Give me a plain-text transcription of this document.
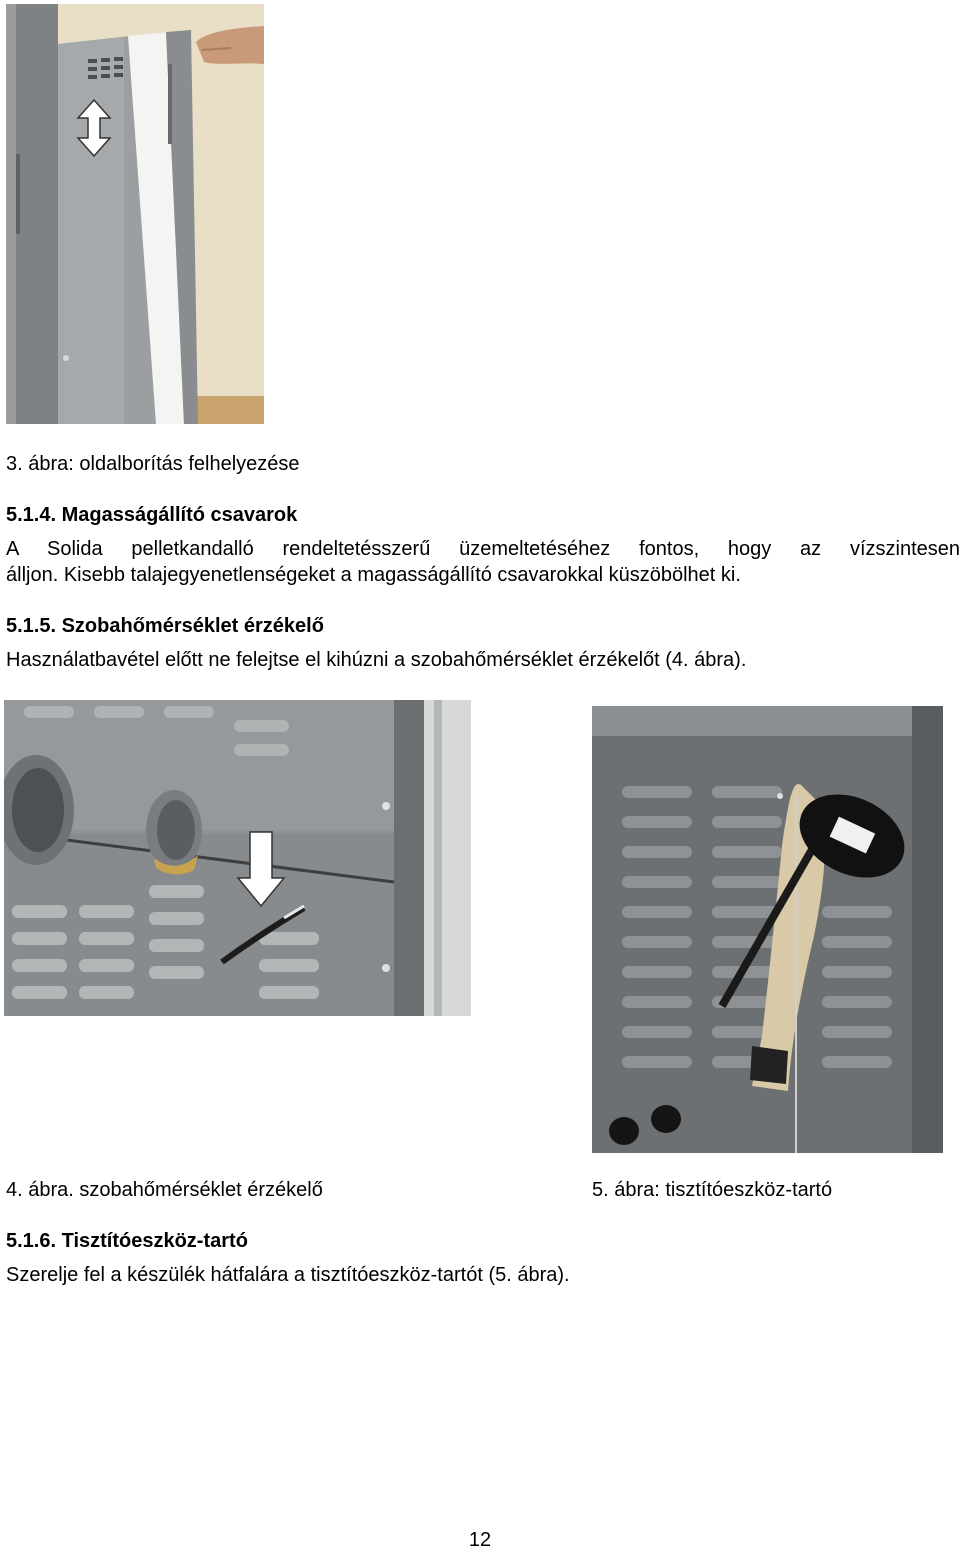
3. ábra: oldalborítás felhelyezése
5.1.4. Magasságállító csavarok
A Solida pelletkandalló rendeltetésszerű üzemeltetéséhez fontos, hogy az vízszintesen
álljon. Kisebb talajegyenetlenségeket a magasságállító csavarokkal küszöbölhet ki.
5.1.5. Szobahőmérséklet érzékelő
Használatbavétel előtt ne felejtse el kihúzni a szobahőmérséklet érzékelőt (4. ábra).
4. ábra. szobahőmérséklet érzékelő	5. ábra: tisztítóeszköz-tartó
5.1.6. Tisztítóeszköz-tartó
Szerelje fel a készülék hátfalára a tisztítóeszköz-tartót (5. ábra).
12
